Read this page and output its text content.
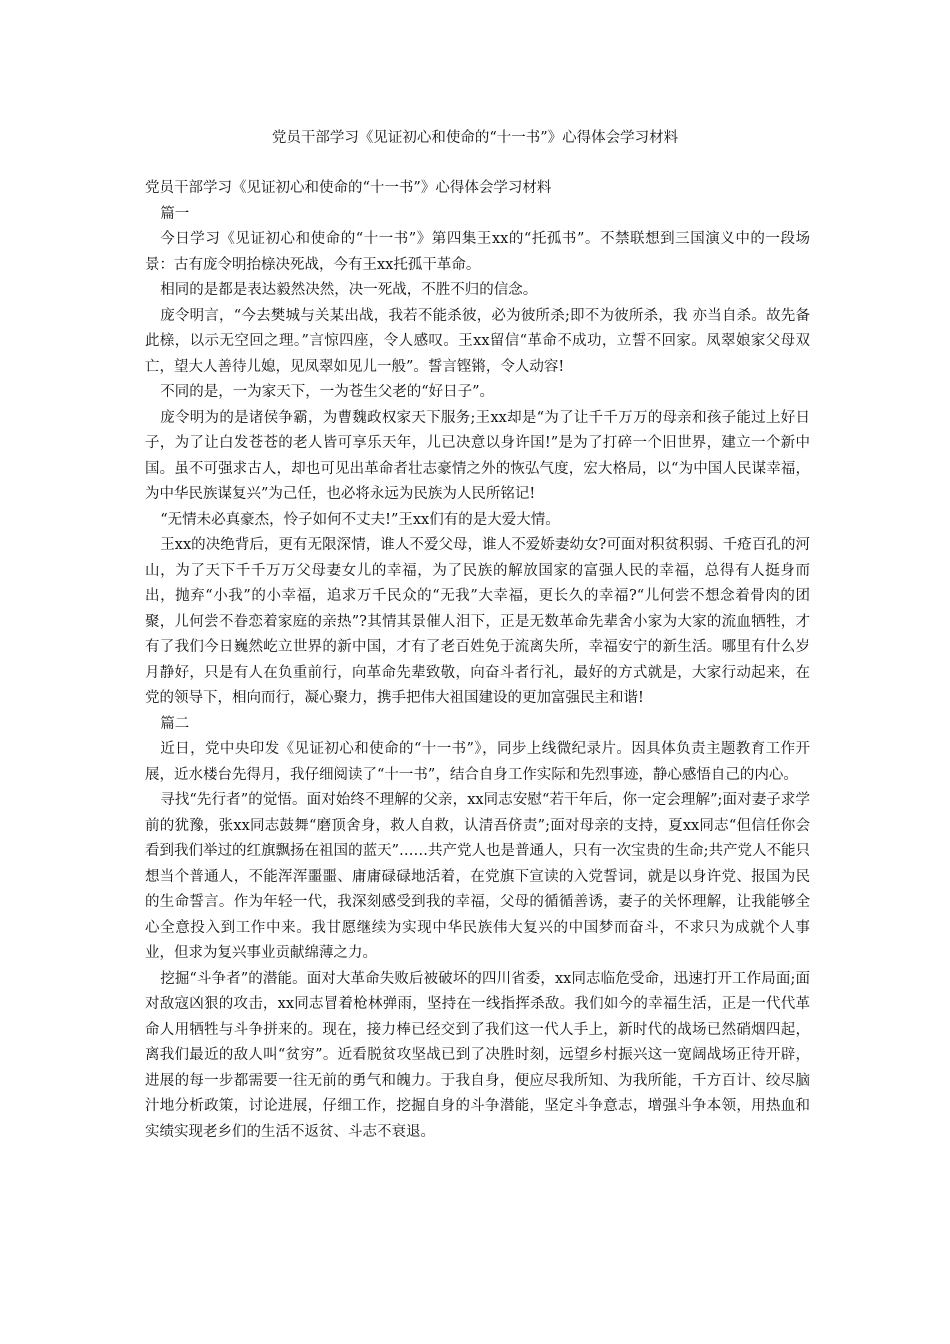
党员干部学习《见证初心和使命的“十一书”》心得体会学习材料

党员干部学习《见证初心和使命的“十一书”》心得体会学习材料

篇一

今日学习《见证初心和使命的“十一书”》第四集王xx的“托孤书”。不禁联想到三国演义中的一段场景：古有庞令明抬榇决死战，今有王xx托孤干革命。

相同的是都是表达毅然决然，决一死战，不胜不归的信念。

庞令明言，“今去樊城与关某出战，我若不能杀彼，必为彼所杀;即不为彼所杀，我 亦当自杀。故先备此榇，以示无空回之理。”言惊四座，令人感叹。王xx留信“革命不成功，立誓不回家。凤翠娘家父母双亡，望大人善待儿媳，见凤翠如见儿一般”。誓言铿锵，令人动容!

不同的是，一为家天下，一为苍生父老的“好日子”。

庞令明为的是诸侯争霸，为曹魏政权家天下服务;王xx却是“为了让千千万万的母亲和孩子能过上好日子，为了让白发苍苍的老人皆可享乐天年，儿已决意以身许国!”是为了打碎一个旧世界，建立一个新中国。虽不可强求古人，却也可见出革命者壮志豪情之外的恢弘气度，宏大格局，以“为中国人民谋幸福，为中华民族谋复兴”为己任，也必将永远为民族为人民所铭记!

“无情未必真豪杰，怜子如何不丈夫!”王xx们有的是大爱大情。

王xx的决绝背后，更有无限深情，谁人不爱父母，谁人不爱娇妻幼女?可面对积贫积弱、千疮百孔的河山，为了天下千千万万父母妻女儿的幸福，为了民族的解放国家的富强人民的幸福，总得有人挺身而出，抛弃“小我”的小幸福，追求万千民众的“无我”大幸福，更长久的幸福?“儿何尝不想念着骨肉的团聚，儿何尝不眷恋着家庭的亲热”?其情其景催人泪下，正是无数革命先辈舍小家为大家的流血牺牲，才有了我们今日巍然屹立世界的新中国，才有了老百姓免于流离失所，幸福安宁的新生活。哪里有什么岁月静好，只是有人在负重前行，向革命先辈致敬，向奋斗者行礼，最好的方式就是，大家行动起来，在党的领导下，相向而行，凝心聚力，携手把伟大祖国建设的更加富强民主和谐!

篇二

近日，党中央印发《见证初心和使命的“十一书”》，同步上线微纪录片。因具体负责主题教育工作开展，近水楼台先得月，我仔细阅读了“十一书”，结合自身工作实际和先烈事迹，静心感悟自己的内心。

寻找“先行者”的觉悟。面对始终不理解的父亲，xx同志安慰“若干年后，你一定会理解”;面对妻子求学前的犹豫，张xx同志鼓舞“磨顶舍身，救人自救，认清吾侪责”;面对母亲的支持，夏xx同志“但信任你会看到我们举过的红旗飘扬在祖国的蓝天”……共产党人也是普通人，只有一次宝贵的生命;共产党人不能只想当个普通人，不能浑浑噩噩、庸庸碌碌地活着，在党旗下宣读的入党誓词，就是以身许党、报国为民的生命誓言。作为年轻一代，我深刻感受到我的幸福，父母的循循善诱，妻子的关怀理解，让我能够全心全意投入到工作中来。我甘愿继续为实现中华民族伟大复兴的中国梦而奋斗，不求只为成就个人事业，但求为复兴事业贡献绵薄之力。

挖掘“斗争者”的潜能。面对大革命失败后被破坏的四川省委，xx同志临危受命，迅速打开工作局面;面对敌寇凶狠的攻击，xx同志冒着枪林弹雨，坚持在一线指挥杀敌。我们如今的幸福生活，正是一代代革命人用牺牲与斗争拼来的。现在，接力棒已经交到了我们这一代人手上，新时代的战场已然硝烟四起，离我们最近的敌人叫“贫穷”。近看脱贫攻坚战已到了决胜时刻，远望乡村振兴这一宽阔战场正待开辟，进展的每一步都需要一往无前的勇气和魄力。于我自身，便应尽我所知、为我所能，千方百计、绞尽脑汁地分析政策，讨论进展，仔细工作，挖掘自身的斗争潜能，坚定斗争意志，增强斗争本领，用热血和实绩实现老乡们的生活不返贫、斗志不衰退。
